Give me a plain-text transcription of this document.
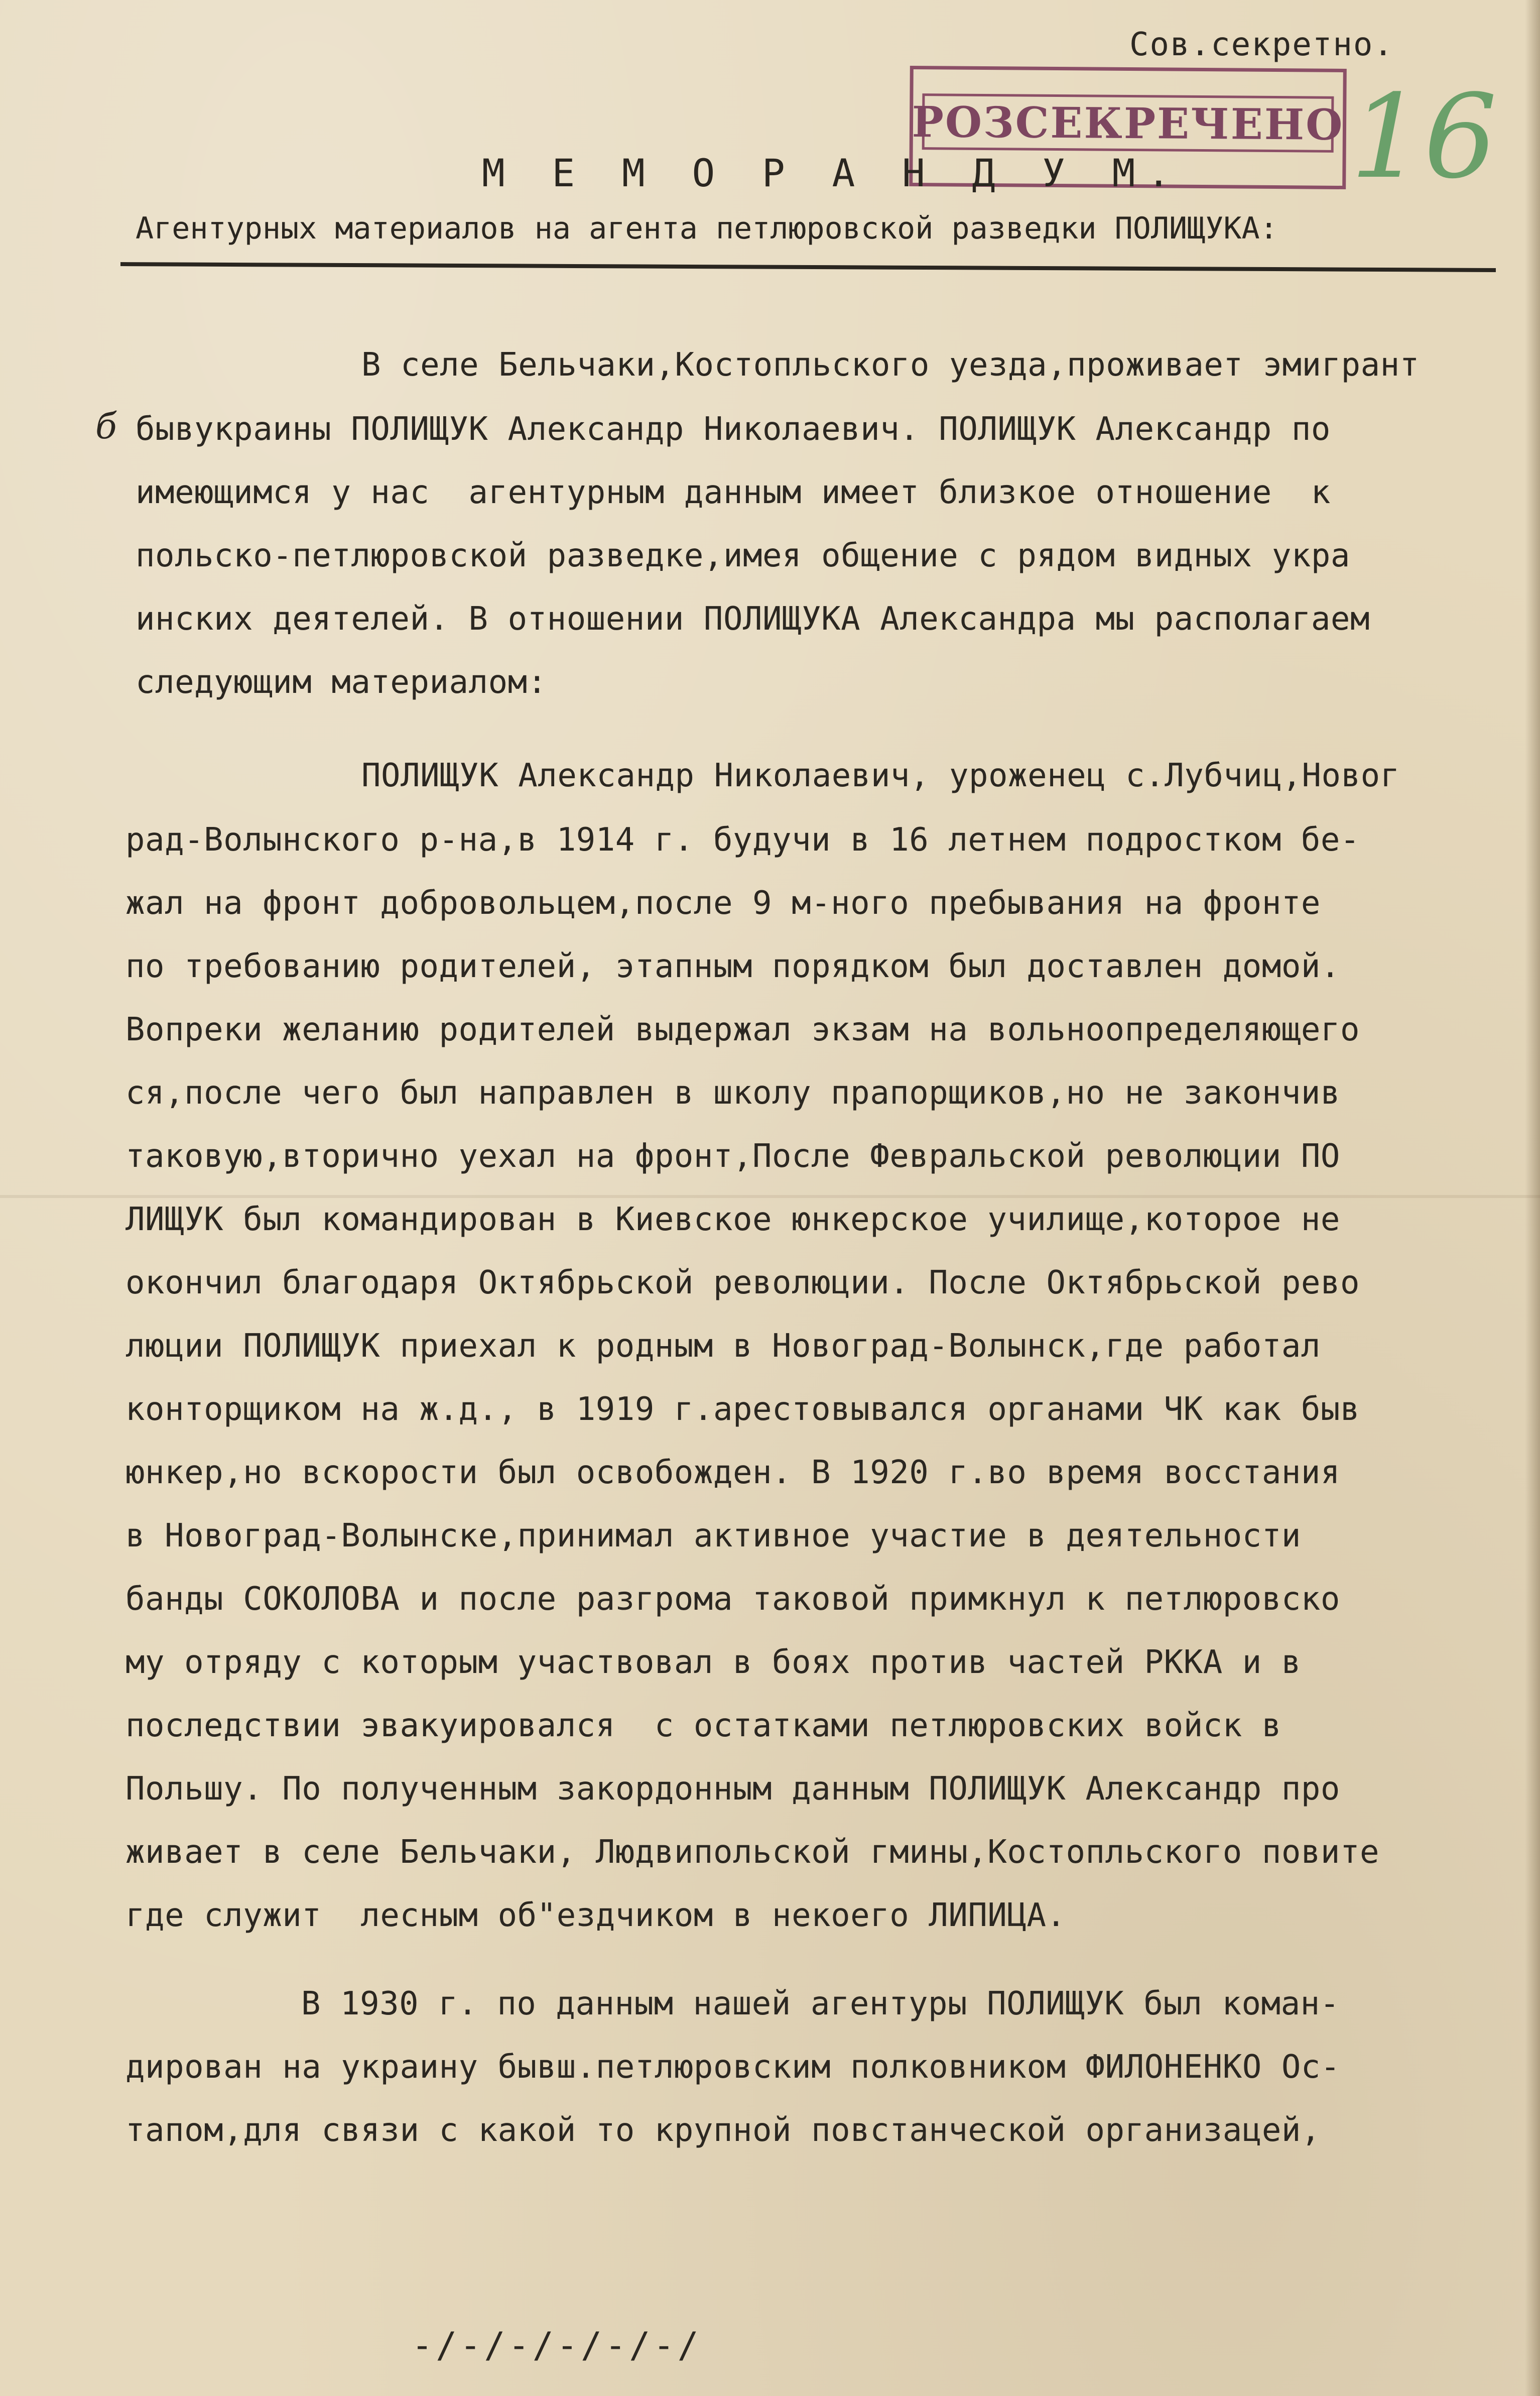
Сов.секретно.
РОЗСЕКРЕЧЕНО 16
М Е М О Р А Н Д У М.
Агентурных материалов на агента петлюровской разведки ПОЛИЩУКА:
б
В селе Бельчаки,Костопльского уезда,проживает эмигрант
бывукраины ПОЛИЩУК Александр Николаевич. ПОЛИЩУК Александр по
имеющимся у нас  агентурным данным имеет близкое отношение  к
польско-петлюровской разведке,имея общение с рядом видных укра
инских деятелей. В отношении ПОЛИЩУКА Александра мы располагаем
следующим материалом:
ПОЛИЩУК Александр Николаевич, уроженец с.Лубчиц,Новог
рад-Волынского р-на,в 1914 г. будучи в 16 летнем подростком бе-
жал на фронт добровольцем,после 9 м-ного пребывания на фронте
по требованию родителей, этапным порядком был доставлен домой.
Вопреки желанию родителей выдержал экзам на вольноопределяющего
ся,после чего был направлен в школу прапорщиков,но не закончив
таковую,вторично уехал на фронт,После Февральской революции ПО
ЛИЩУК был командирован в Киевское юнкерское училище,которое не
окончил благодаря Октябрьской революции. После Октябрьской рево
люции ПОЛИЩУК приехал к родным в Новоград-Волынск,где работал
конторщиком на ж.д., в 1919 г.арестовывался органами ЧК как быв
юнкер,но вскорости был освобожден. В 1920 г.во время восстания
в Новоград-Волынске,принимал активное участие в деятельности
банды СОКОЛОВА и после разгрома таковой примкнул к петлюровско
му отряду с которым участвовал в боях против частей РККА и в
последствии эвакуировался  с остатками петлюровских войск в
Польшу. По полученным закордонным данным ПОЛИЩУК Александр про
живает в селе Бельчаки, Людвипольской гмины,Костопльского повите
где служит  лесным об"ездчиком в некоего ЛИПИЦА.
В 1930 г. по данным нашей агентуры ПОЛИЩУК был коман-
дирован на украину бывш.петлюровским полковником ФИЛОНЕНКО Ос-
тапом,для связи с какой то крупной повстанческой организацей,
-/-/-/-/-/-/
